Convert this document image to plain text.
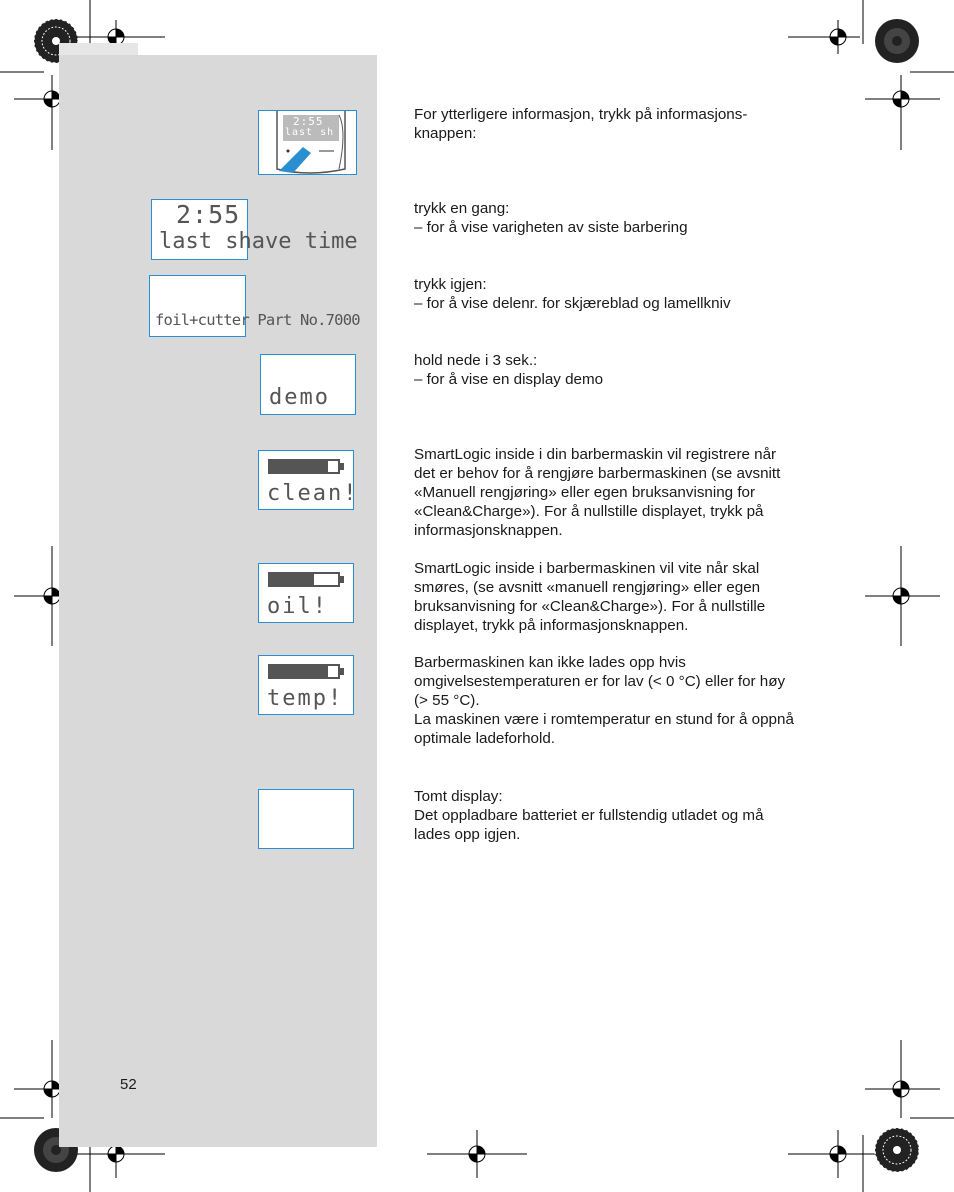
2:55
last sh
2:55
last shave time
foil+cutter Part No.7000
demo
clean!
oil!
temp!
For ytterligere informasjon, trykk på informasjons-
knappen:
trykk en gang:
– for å vise varigheten av siste barbering
trykk igjen:
– for å vise delenr. for skjæreblad og lamellkniv
hold nede i 3 sek.:
– for å vise en display demo
SmartLogic inside i din barbermaskin vil registrere når
det er behov for å rengjøre barbermaskinen (se avsnitt
«Manuell rengjøring» eller egen bruksanvisning for
«Clean&Charge»). For å nullstille displayet, trykk på
informasjonsknappen.
SmartLogic inside i barbermaskinen vil vite når skal
smøres, (se avsnitt «manuell rengjøring» eller egen
bruksanvisning for «Clean&Charge»). For å nullstille
displayet, trykk på informasjonsknappen.
Barbermaskinen kan ikke lades opp hvis
omgivelsestemperaturen er for lav (< 0 °C) eller for høy
(> 55 °C).
La maskinen være i romtemperatur en stund for å oppnå
optimale ladeforhold.
Tomt display:
Det oppladbare batteriet er fullstendig utladet og må
lades opp igjen.
52
